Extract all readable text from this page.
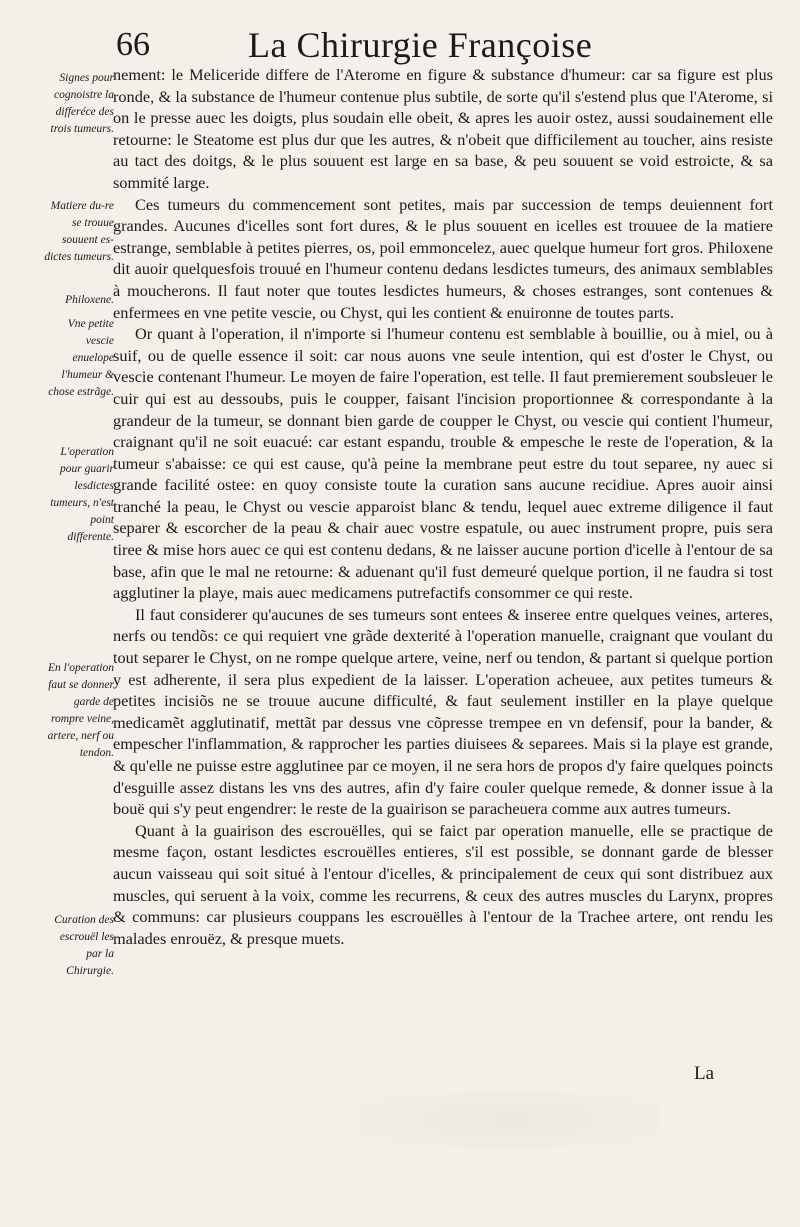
66	La Chirurgie Françoise
Signes pour cognoistre la differéce des trois tumeurs.
Matiere du-re se trouue souuent es-dictes tumeurs.
Philoxene.
Vne petite vescie enuelope l'humeur & chose estrãge.
L'operation pour guarir lesdictes tumeurs, n'est point differente.
En l'operation faut se donner garde de rompre veine, artere, nerf ou tendon.
Curation des escrouël les par la Chirurgie.

nement: le Meliceride differe de l'Aterome en figure & substance d'humeur: car sa figure est plus ronde, & la substance de l'humeur contenue plus subtile, de sorte qu'il s'estend plus que l'Aterome, si on le presse auec les doigts, plus soudain elle obeit, & apres les auoir ostez, aussi soudainement elle retourne: le Steatome est plus dur que les autres, & n'obeit que difficilement au toucher, ains resiste au tact des doitgs, & le plus souuent est large en sa base, & peu souuent se void estroicte, & sa sommité large.

Ces tumeurs du commencement sont petites, mais par succession de temps deuiennent fort grandes. Aucunes d'icelles sont fort dures, & le plus souuent en icelles est trouuee de la matiere estrange, semblable à petites pierres, os, poil emmoncelez, auec quelque humeur fort gros. Philoxene dit auoir quelquesfois trouué en l'humeur contenu dedans lesdictes tumeurs, des animaux semblables à moucherons. Il faut noter que toutes lesdictes humeurs, & choses estranges, sont contenues & enfermees en vne petite vescie, ou Chyst, qui les contient & enuironne de toutes parts.

Or quant à l'operation, il n'importe si l'humeur contenu est semblable à bouillie, ou à miel, ou à suif, ou de quelle essence il soit: car nous auons vne seule intention, qui est d'oster le Chyst, ou vescie contenant l'humeur. Le moyen de faire l'operation, est telle. Il faut premierement soubsleuer le cuir qui est au dessoubs, puis le coupper, faisant l'incision proportionnee & correspondante à la grandeur de la tumeur, se donnant bien garde de coupper le Chyst, ou vescie qui contient l'humeur, craignant qu'il ne soit euacué: car estant espandu, trouble & empesche le reste de l'operation, & la tumeur s'abaisse: ce qui est cause, qu'à peine la membrane peut estre du tout separee, ny auec si grande facilité ostee: en quoy consiste toute la curation sans aucune recidiue. Apres auoir ainsi tranché la peau, le Chyst ou vescie apparoist blanc & tendu, lequel auec extreme diligence il faut separer & escorcher de la peau & chair auec vostre espatule, ou auec instrument propre, puis sera tiree & mise hors auec ce qui est contenu dedans, & ne laisser aucune portion d'icelle à l'entour de sa base, afin que le mal ne retourne: & aduenant qu'il fust demeuré quelque portion, il ne faudra si tost agglutiner la playe, mais auec medicamens putrefactifs consommer ce qui reste.

Il faut considerer qu'aucunes de ses tumeurs sont entees & inseree entre quelques veines, arteres, nerfs ou tendõs: ce qui requiert vne grãde dexterité à l'operation manuelle, craignant que voulant du tout separer le Chyst, on ne rompe quelque artere, veine, nerf ou tendon, & partant si quelque portion y est adherente, il sera plus expedient de la laisser. L'operation acheuee, aux petites tumeurs & petites incisiõs ne se trouue aucune difficulté, & faut seulement instiller en la playe quelque medicamẽt agglutinatif, mettãt par dessus vne cõpresse trempee en vn defensif, pour la bander, & empescher l'inflammation, & rapprocher les parties diuisees & separees. Mais si la playe est grande, & qu'elle ne puisse estre agglutinee par ce moyen, il ne sera hors de propos d'y faire quelques poincts d'esguille assez distans les vns des autres, afin d'y faire couler quelque remede, & donner issue à la bouë qui s'y peut engendrer: le reste de la guairison se paracheuera comme aux autres tumeurs.

Quant à la guairison des escrouëlles, qui se faict par operation manuelle, elle se practique de mesme façon, ostant lesdictes escrouëlles entieres, s'il est possible, se donnant garde de blesser aucun vaisseau qui soit situé à l'entour d'icelles, & principalement de ceux qui sont distribuez aux muscles, qui seruent à la voix, comme les recurrens, & ceux des autres muscles du Larynx, propres & communs: car plusieurs couppans les escrouëlles à l'entour de la Trachee artere, ont rendu les malades enrouëz, & presque muets.

La
